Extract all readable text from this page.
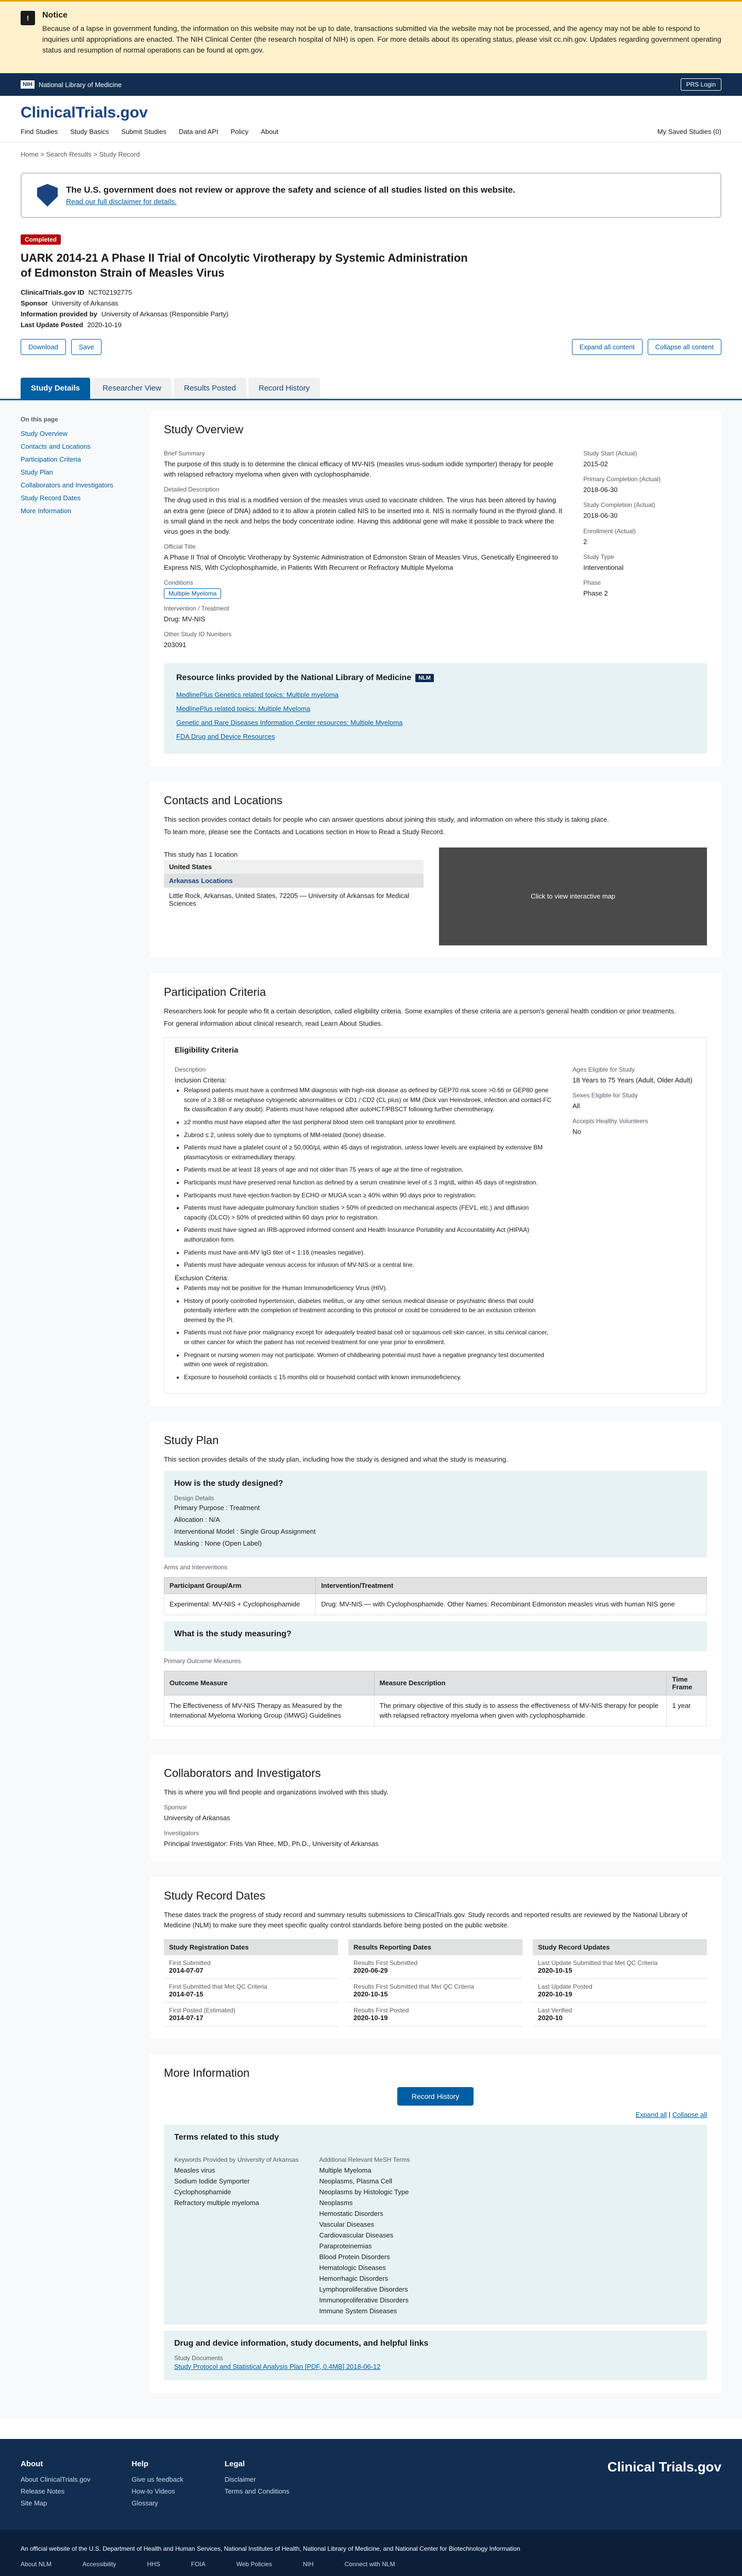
!	Notice

Because of a lapse in government funding, the information on this website may not be up to date, transactions submitted via the website may not be processed, and the agency may not be able to respond to inquiries until appropriations are enacted. The NIH Clinical Center (the research hospital of NIH) is open. For more details about its operating status, please visit cc.nih.gov. Updates regarding government operating status and resumption of normal operations can be found at opm.gov.

NIH National Library of Medicine	PRS Login
ClinicalTrials.gov
Find Studies Study Basics Submit Studies Data and API Policy About	My Saved Studies (0)
Home > Search Results > Study Record
The U.S. government does not review or approve the safety and science of all studies listed on this website.
Read our full disclaimer for details.
Completed
UARK 2014-21 A Phase II Trial of Oncolytic Virotherapy by Systemic Administration of Edmonston Strain of Measles Virus
ClinicalTrials.gov ID NCT02192775
Sponsor University of Arkansas
Information provided by University of Arkansas (Responsible Party)
Last Update Posted 2020-10-19
Download	Save	Expand all content	Collapse all content
Study Details	Researcher View	Results Posted	Record History
On this page
Study Overview
Contacts and Locations
Participation Criteria
Study Plan
Collaborators and Investigators
Study Record Dates
More Information
Study Overview
Brief Summary
The purpose of this study is to determine the clinical efficacy of MV-NIS (measles virus-sodium iodide symporter) therapy for people with relapsed refractory myeloma when given with cyclophosphamide.
Detailed Description
The drug used in this trial is a modified version of the measles virus used to vaccinate children. The virus has been altered by having an extra gene (piece of DNA) added to it to allow a protein called NIS to be inserted into it. NIS is normally found in the thyroid gland. It is small gland in the neck and helps the body concentrate iodine. Having this additional gene will make it possible to track where the virus goes in the body.
Official Title
A Phase II Trial of Oncolytic Virotherapy by Systemic Administration of Edmonston Strain of Measles Virus, Genetically Engineered to Express NIS, With Cyclophosphamide, in Patients With Recurrent or Refractory Multiple Myeloma
Conditions
Multiple Myeloma
Intervention / Treatment
Drug: MV-NIS
Other Study ID Numbers
203091
Study Start (Actual)
2015-02
Primary Completion (Actual)
2018-06-30
Study Completion (Actual)
2018-06-30
Enrollment (Actual)
2
Study Type
Interventional
Phase
Phase 2
Resource links provided by the National Library of Medicine	NLM
MedlinePlus Genetics related topics: Multiple myeloma
MedlinePlus related topics: Multiple Myeloma
Genetic and Rare Diseases Information Center resources: Multiple Myeloma
FDA Drug and Device Resources
Contacts and Locations
This section provides contact details for people who can answer questions about joining this study, and information on where this study is taking place.
To learn more, please see the Contacts and Locations section in How to Read a Study Record.
This study has 1 location
United States
Arkansas Locations
Little Rock, Arkansas, United States, 72205 — University of Arkansas for Medical Sciences
Click to view interactive map
Participation Criteria
Researchers look for people who fit a certain description, called eligibility criteria. Some examples of these criteria are a person's general health condition or prior treatments.
For general information about clinical research, read Learn About Studies.
Eligibility Criteria
Description
Inclusion Criteria:
• Relapsed patients must have a confirmed MM diagnosis with high-risk disease as defined by GEP70 risk score >0.66 or GEP80 gene score of ≥ 3.88 or metaphase cytogenetic abnormalities or CD1 / CD2 (CL plus) or MM (Dick van Heinsbroek, infection and contact-FC fix classification if any doubt). Patients must have relapsed after autoHCT/PBSCT following further chemotherapy.
• ≥2 months must have elapsed after the last peripheral blood stem cell transplant prior to enrollment.
• Zubrod ≤ 2, unless solely due to symptoms of MM-related (bone) disease.
• Patients must have a platelet count of ≥ 50,000/μL within 45 days of registration, unless lower levels are explained by extensive BM plasmacytosis or extramedullary therapy.
• Patients must be at least 18 years of age and not older than 75 years of age at the time of registration.
• Participants must have preserved renal function as defined by a serum creatinine level of ≤ 3 mg/dL within 45 days of registration.
• Participants must have ejection fraction by ECHO or MUGA scan ≥ 40% within 90 days prior to registration.
• Patients must have adequate pulmonary function studies > 50% of predicted on mechanical aspects (FEV1, etc.) and diffusion capacity (DLCO) > 50% of predicted within 60 days prior to registration.
• Patients must have signed an IRB-approved informed consent and Health Insurance Portability and Accountability Act (HIPAA) authorization form.
• Patients must have anti-MV IgG titer of < 1:16 (measles negative).
• Patients must have adequate venous access for infusion of MV-NIS or a central line.
Exclusion Criteria:
• Patients may not be positive for the Human Immunodeficiency Virus (HIV).
• History of poorly controlled hypertension, diabetes mellitus, or any other serious medical disease or psychiatric illness that could potentially interfere with the completion of treatment according to this protocol or could be considered to be an exclusion criterion deemed by the PI.
• Patients must not have prior malignancy except for adequately treated basal cell or squamous cell skin cancer, in situ cervical cancer, or other cancer for which the patient has not received treatment for one year prior to enrollment.
• Pregnant or nursing women may not participate. Women of childbearing potential must have a negative pregnancy test documented within one week of registration.
• Exposure to household contacts ≤ 15 months old or household contact with known immunodeficiency.
Ages Eligible for Study
18 Years to 75 Years (Adult, Older Adult)
Sexes Eligible for Study
All
Accepts Healthy Volunteers
No
Study Plan
This section provides details of the study plan, including how the study is designed and what the study is measuring.
How is the study designed?
Design Details
Primary Purpose : Treatment
Allocation : N/A
Interventional Model : Single Group Assignment
Masking : None (Open Label)
Arms and Interventions
Participant Group/Arm	Intervention/Treatment
Experimental: MV-NIS + Cyclophosphamide	Drug: MV-NIS — with Cyclophosphamide. Other Names: Recombinant Edmonston measles virus with human NIS gene
What is the study measuring?
Primary Outcome Measures
Outcome Measure	Measure Description	Time Frame
The Effectiveness of MV-NIS Therapy as Measured by the International Myeloma Working Group (IMWG) Guidelines	The primary objective of this study is to assess the effectiveness of MV-NIS therapy for people with relapsed refractory myeloma when given with cyclophosphamide.	1 year
Collaborators and Investigators
This is where you will find people and organizations involved with this study.
Sponsor
University of Arkansas
Investigators
Principal Investigator: Frits Van Rhee, MD, Ph.D., University of Arkansas
Study Record Dates
These dates track the progress of study record and summary results submissions to ClinicalTrials.gov. Study records and reported results are reviewed by the National Library of Medicine (NLM) to make sure they meet specific quality control standards before being posted on the public website.
Study Registration Dates
First Submitted
2014-07-07
First Submitted that Met QC Criteria
2014-07-15
First Posted (Estimated)
2014-07-17
Results Reporting Dates
Results First Submitted
2020-06-29
Results First Submitted that Met QC Criteria
2020-10-15
Results First Posted
2020-10-19
Study Record Updates
Last Update Submitted that Met QC Criteria
2020-10-15
Last Update Posted
2020-10-19
Last Verified
2020-10
More Information
Record History
Expand all | Collapse all
Terms related to this study
Keywords Provided by University of Arkansas
Measles virus
Sodium Iodide Symporter
Cyclophosphamide
Refractory multiple myeloma
Additional Relevant MeSH Terms
Multiple Myeloma
Neoplasms, Plasma Cell
Neoplasms by Histologic Type
Neoplasms
Hemostatic Disorders
Vascular Diseases
Cardiovascular Diseases
Paraproteinemias
Blood Protein Disorders
Hematologic Diseases
Hemorrhagic Disorders
Lymphoproliferative Disorders
Immunoproliferative Disorders
Immune System Diseases
Drug and device information, study documents, and helpful links
Study Documents
Study Protocol and Statistical Analysis Plan [PDF, 0.4MB] 2018-06-12
About
About ClinicalTrials.gov
Release Notes
Site Map
Help
Give us feedback
How-to Videos
Glossary
Legal
Disclaimer
Terms and Conditions
Clinical Trials.gov
An official website of the U.S. Department of Health and Human Services, National Institutes of Health, National Library of Medicine, and National Center for Biotechnology Information
About NLM	Accessibility	HHS	FOIA	Web Policies	NIH	Connect with NLM
